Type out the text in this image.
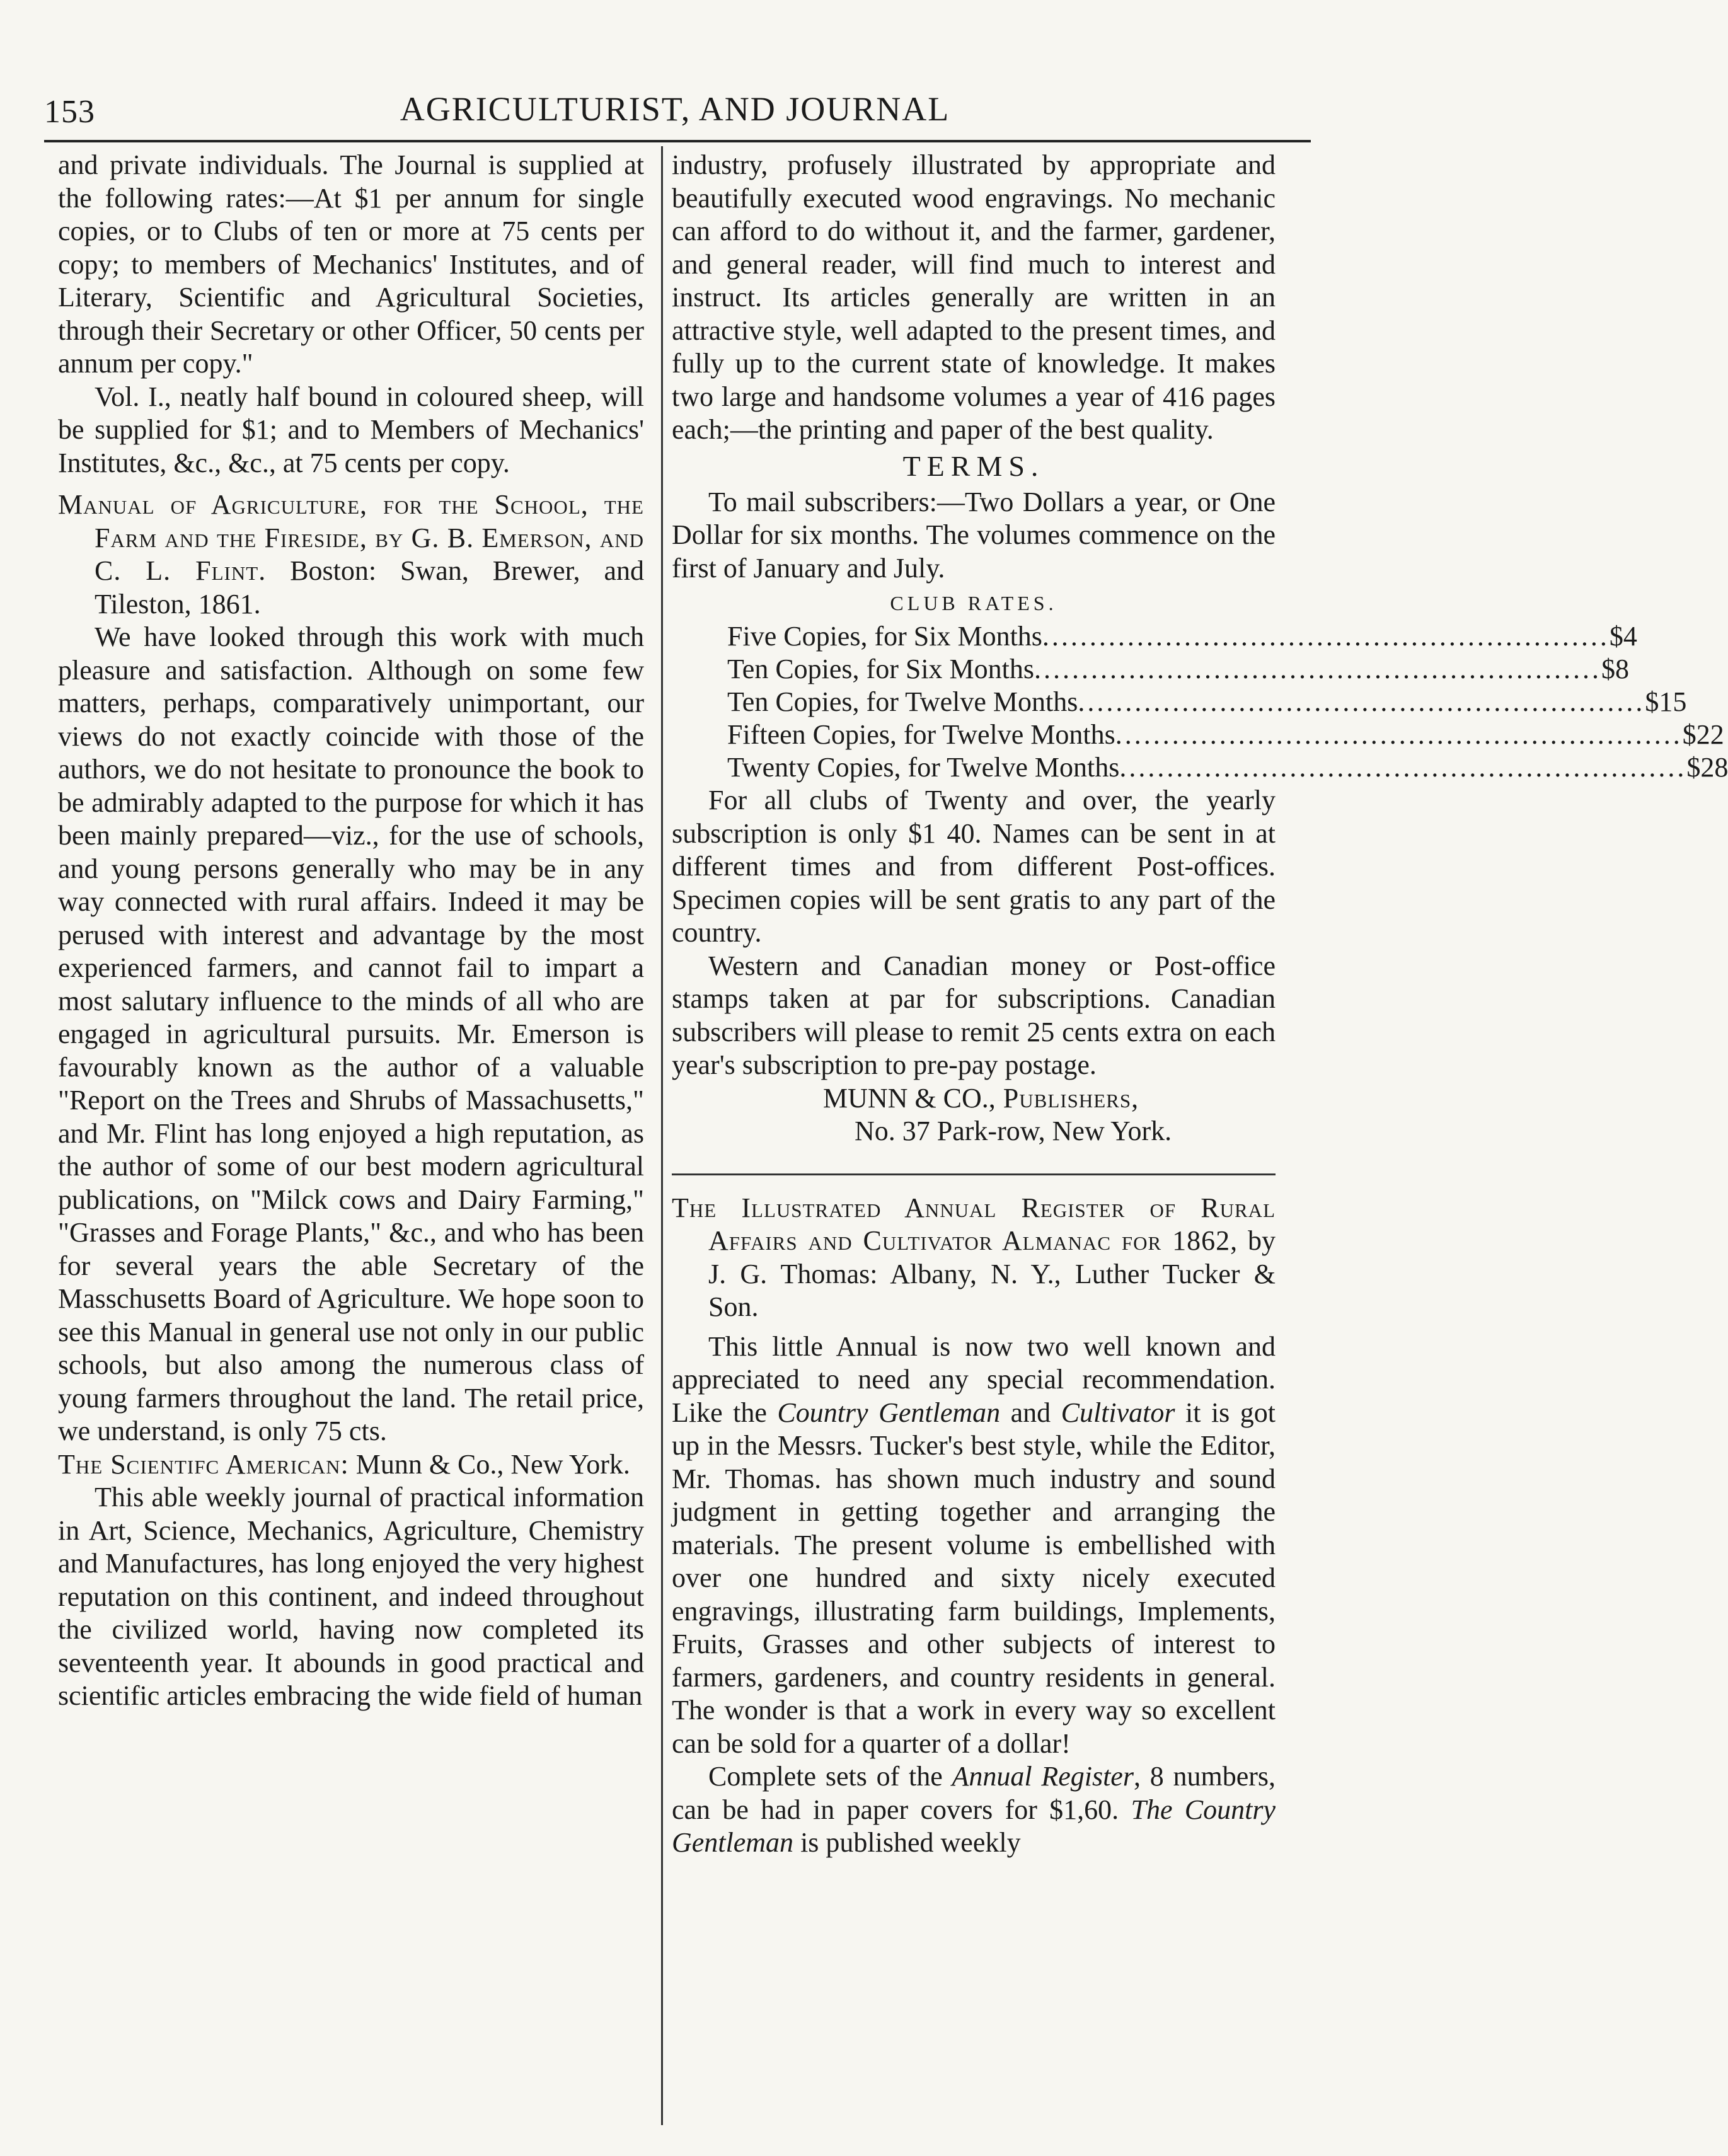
153	AGRICULTURIST, AND JOURNAL

and private individuals. The Journal is supplied at the following rates:—At $1 per annum for single copies, or to Clubs of ten or more at 75 cents per copy; to members of Mechanics' Institutes, and of Literary, Scientific and Agricultural Societies, through their Secretary or other Officer, 50 cents per annum per copy."

Vol. I., neatly half bound in coloured sheep, will be supplied for $1; and to Members of Mechanics' Institutes, &c., &c., at 75 cents per copy.

Manual of Agriculture, for the School, the Farm and the Fireside, by G. B. Emerson, and C. L. Flint. Boston: Swan, Brewer, and Tileston, 1861.

We have looked through this work with much pleasure and satisfaction. Although on some few matters, perhaps, comparatively unimportant, our views do not exactly coincide with those of the authors, we do not hesitate to pronounce the book to be admirably adapted to the purpose for which it has been mainly prepared—viz., for the use of schools, and young persons generally who may be in any way connected with rural affairs. Indeed it may be perused with interest and advantage by the most experienced farmers, and cannot fail to impart a most salutary influence to the minds of all who are engaged in agricultural pursuits. Mr. Emerson is favourably known as the author of a valuable "Report on the Trees and Shrubs of Massachusetts," and Mr. Flint has long enjoyed a high reputation, as the author of some of our best modern agricultural publications, on "Milck cows and Dairy Farming," "Grasses and Forage Plants," &c., and who has been for several years the able Secretary of the Masschusetts Board of Agriculture. We hope soon to see this Manual in general use not only in our public schools, but also among the numerous class of young farmers throughout the land. The retail price, we understand, is only 75 cts.

The Scientifc American: Munn & Co., New York.

This able weekly journal of practical information in Art, Science, Mechanics, Agriculture, Chemistry and Manufactures, has long enjoyed the very highest reputation on this continent, and indeed throughout the civilized world, having now completed its seventeenth year. It abounds in good practical and scientific articles embracing the wide field of human

industry, profusely illustrated by appropriate and beautifully executed wood engravings. No mechanic can afford to do without it, and the farmer, gardener, and general reader, will find much to interest and instruct. Its articles generally are written in an attractive style, well adapted to the present times, and fully up to the current state of knowledge. It makes two large and handsome volumes a year of 416 pages each;—the printing and paper of the best quality.

TERMS.

To mail subscribers:—Two Dollars a year, or One Dollar for six months. The volumes commence on the first of January and July.

CLUB RATES.
Five Copies, for Six Months ............................................................ $4
Ten Copies, for Six Months ............................................................ $8
Ten Copies, for Twelve Months ............................................................ $15
Fifteen Copies, for Twelve Months ............................................................ $22
Twenty Copies, for Twelve Months ............................................................ $28

For all clubs of Twenty and over, the yearly subscription is only $1 40. Names can be sent in at different times and from different Post-offices. Specimen copies will be sent gratis to any part of the country.

Western and Canadian money or Post-office stamps taken at par for subscriptions. Canadian subscribers will please to remit 25 cents extra on each year's subscription to pre-pay postage.

MUNN & CO., Publishers,

No. 37 Park-row, New York.

The Illustrated Annual Register of Rural Affairs and Cultivator Almanac for 1862, by J. G. Thomas: Albany, N. Y., Luther Tucker & Son.

This little Annual is now two well known and appreciated to need any special recommendation. Like the Country Gentleman and Cultivator it is got up in the Messrs. Tucker's best style, while the Editor, Mr. Thomas. has shown much industry and sound judgment in getting together and arranging the materials. The present volume is embellished with over one hundred and sixty nicely executed engravings, illustrating farm buildings, Implements, Fruits, Grasses and other subjects of interest to farmers, gardeners, and country residents in general. The wonder is that a work in every way so excellent can be sold for a quarter of a dollar!

Complete sets of the Annual Register, 8 numbers, can be had in paper covers for $1,60. The Country Gentleman is published weekly
